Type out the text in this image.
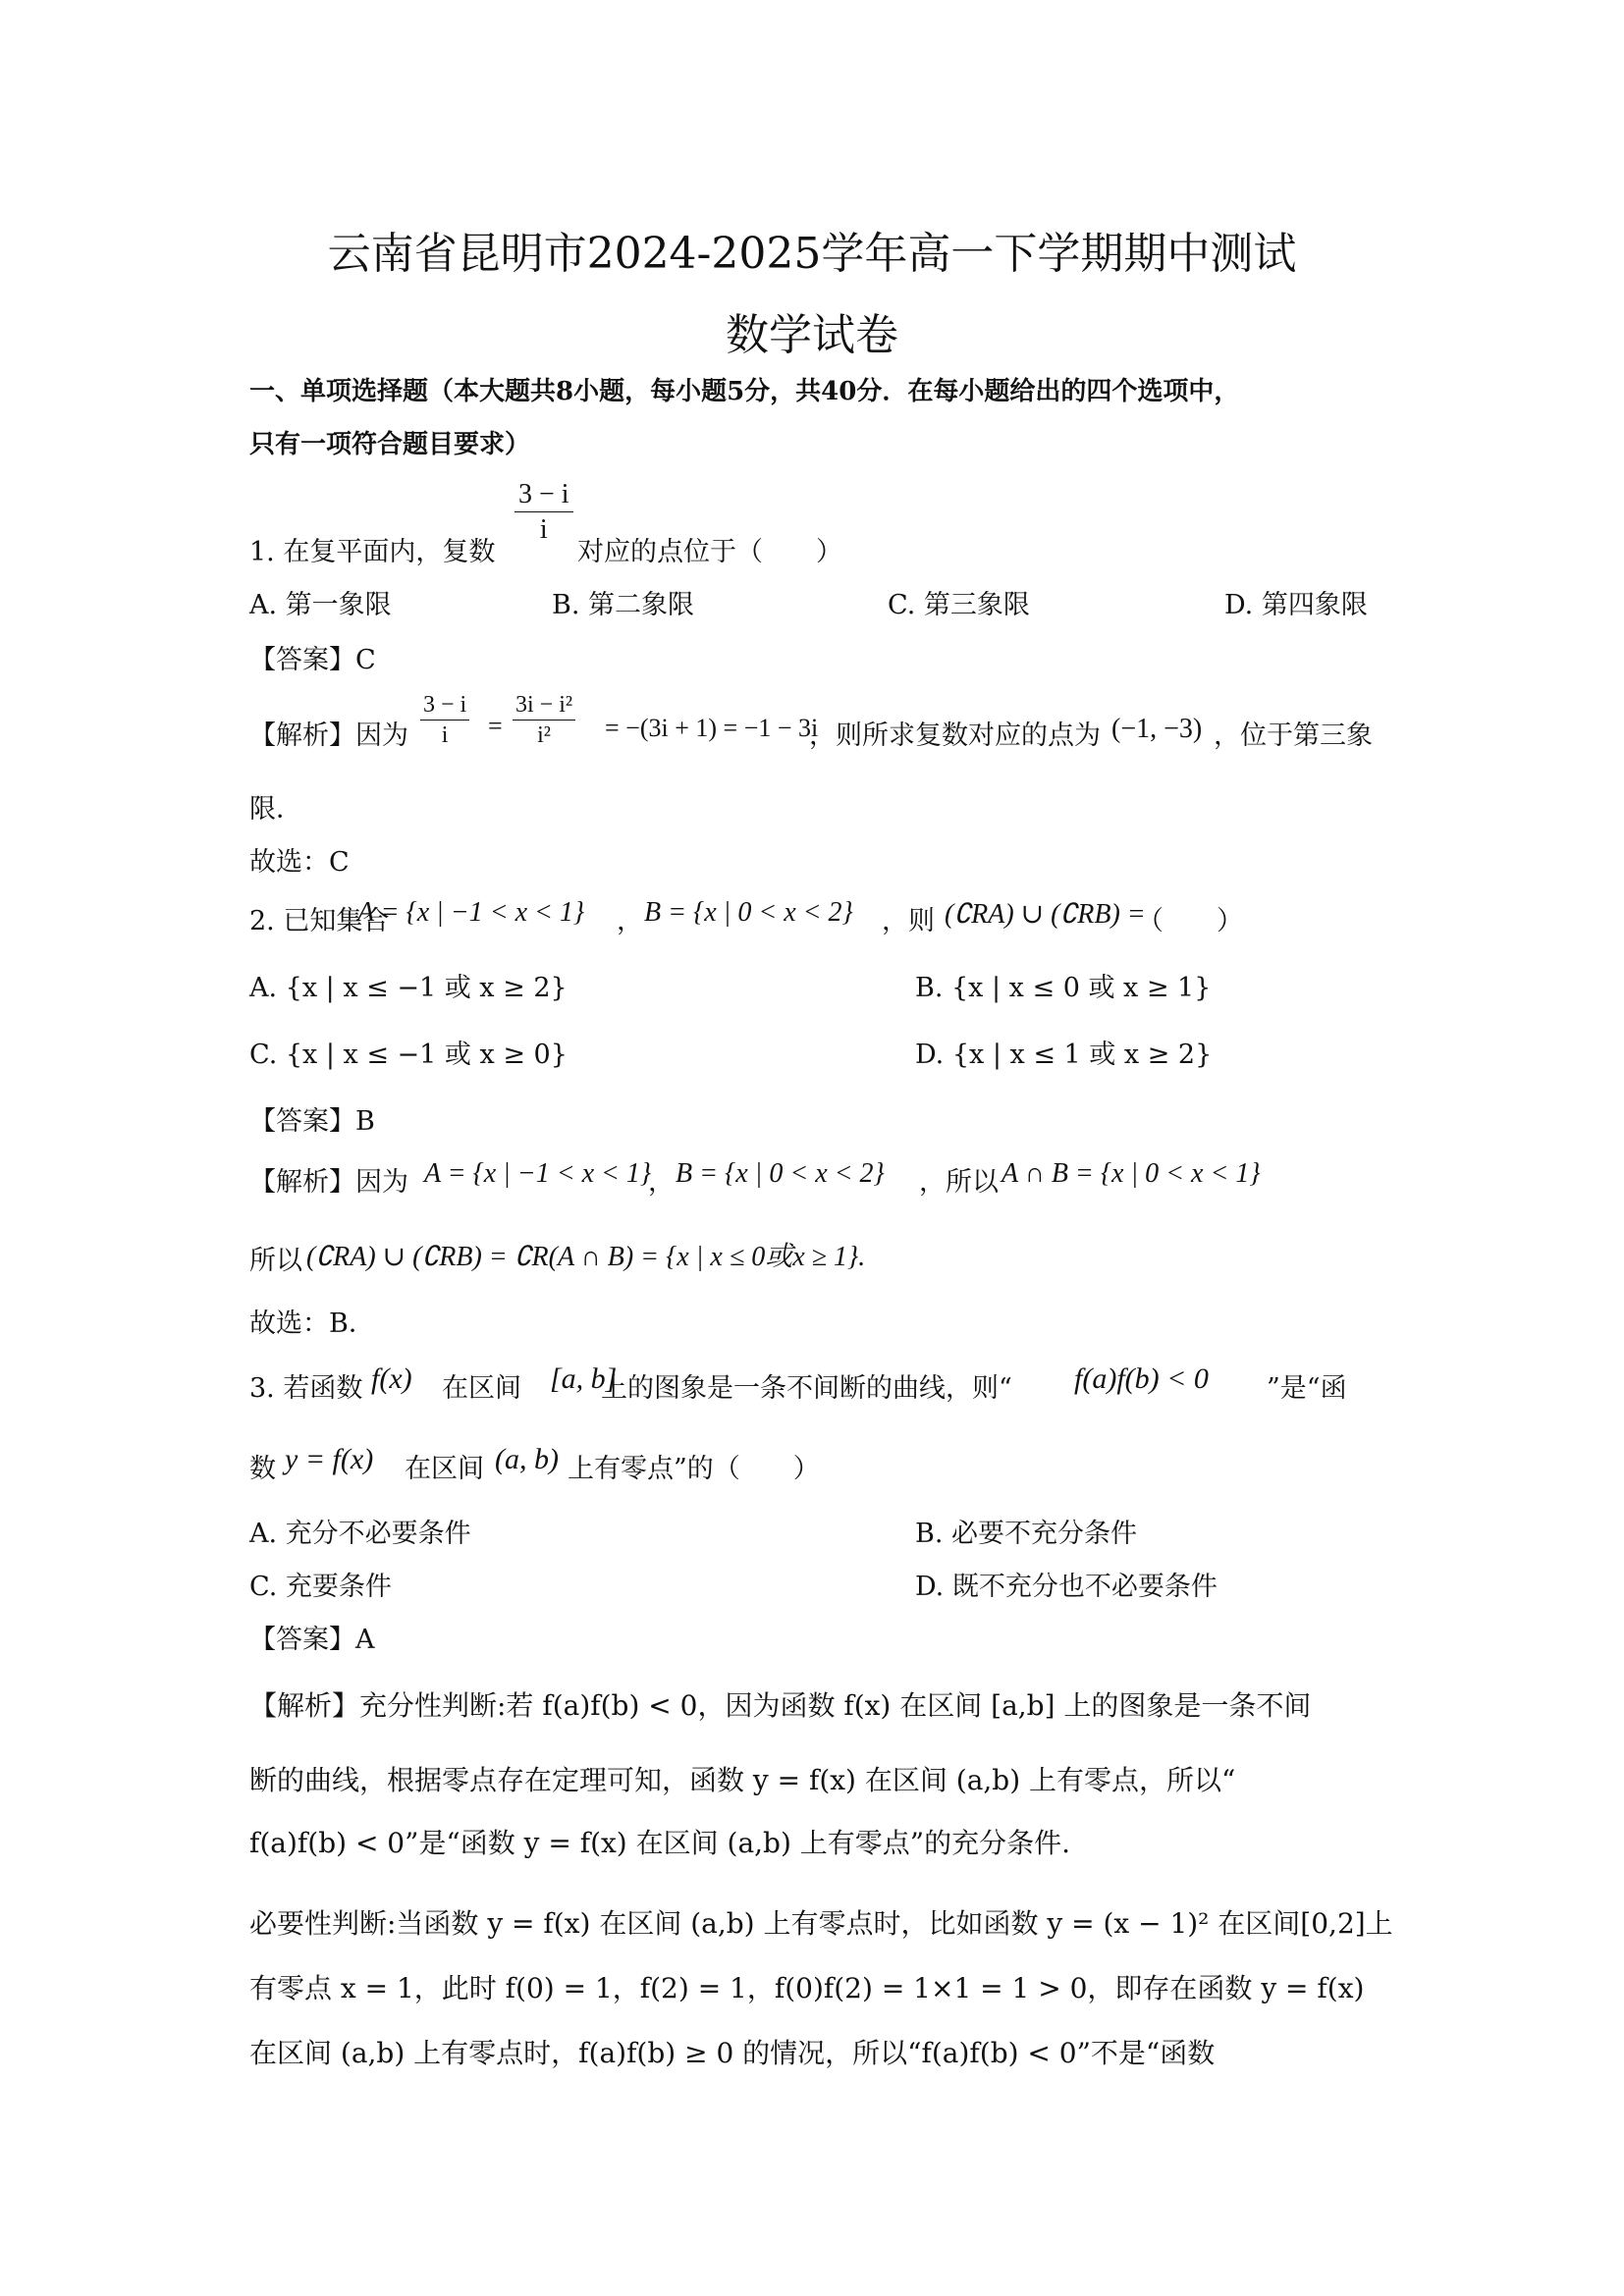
云南省昆明市2024-2025学年高一下学期期中测试
数学试卷
一、单项选择题（本大题共8小题，每小题5分，共40分．在每小题给出的四个选项中，
只有一项符合题目要求）
$\frac{3 - i}{i}$
1. 在复平面内，复数	对应的点位于（　　）
A. 第一象限	B. 第二象限	C. 第三象限	D. 第四象限
【答案】C
【解析】因为 $\frac{3 - i}{i} = \frac{\text{3i − i²}}{\text{i²}} = -(3i + 1) = -1 - 3i$
，则所求复数对应的点为 (−1, −3) ，位于第三象
限．
故选：C
2. 已知集合
A = {x | −1 < x < 1} ， B = {x | 0 < x < 2} ，则 (∁RA) ∪ (∁RB) =
（　　）
A. {x | x ≤ −1 或 x ≥ 2}	B. {x | x ≤ 0 或 x ≥ 1}
C. {x | x ≤ −1 或 x ≥ 0}	D. {x | x ≤ 1 或 x ≥ 2}
【答案】B
【解析】因为 A = {x | −1 < x < 1}
， B = {x | 0 < x < 2} ，所以 A ∩ B = {x | 0 < x < 1}
所以 (∁RA) ∪ (∁RB) = ∁R(A ∩ B) = {x | x ≤ 0或x ≥ 1}.
故选：B．
3. 若函数 f(x) 在区间 [a, b]
上的图象是一条不间断的曲线，则“ f(a)f(b) < 0 ”是“函
数 y = f(x) 在区间 (a, b) 上有零点”的（　　）
A. 充分不必要条件	B. 必要不充分条件
C. 充要条件	D. 既不充分也不必要条件
【答案】A
【解析】充分性判断:若 f(a)f(b) < 0，因为函数 f(x) 在区间 [a,b] 上的图象是一条不间
断的曲线，根据零点存在定理可知，函数 y = f(x) 在区间 (a,b) 上有零点，所以“
f(a)f(b) < 0”是“函数 y = f(x) 在区间 (a,b) 上有零点”的充分条件.
必要性判断:当函数 y = f(x) 在区间 (a,b) 上有零点时，比如函数 y = (x − 1)² 在区间[0,2]上
有零点 x = 1，此时 f(0) = 1，f(2) = 1，f(0)f(2) = 1×1 = 1 > 0，即存在函数 y = f(x)
在区间 (a,b) 上有零点时，f(a)f(b) ≥ 0 的情况，所以“f(a)f(b) < 0”不是“函数
